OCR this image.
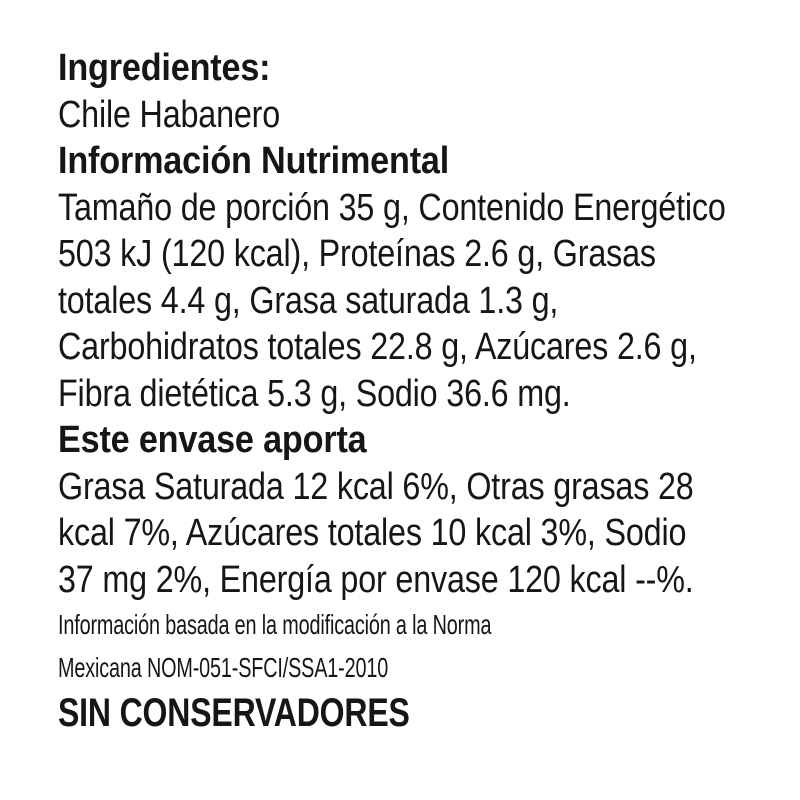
Ingredientes:
Chile Habanero
Información Nutrimental
Tamaño de porción 35 g, Contenido Energético
503 kJ (120 kcal), Proteínas 2.6 g, Grasas
totales 4.4 g, Grasa saturada 1.3 g,
Carbohidratos totales 22.8 g, Azúcares 2.6 g,
Fibra dietética 5.3 g, Sodio 36.6 mg.
Este envase aporta
Grasa Saturada 12 kcal 6%, Otras grasas 28
kcal 7%, Azúcares totales 10 kcal 3%, Sodio
37 mg 2%, Energía por envase 120 kcal --%.
Información basada en la modificación a la Norma
Mexicana NOM-051-SFCI/SSA1-2010
SIN CONSERVADORES
